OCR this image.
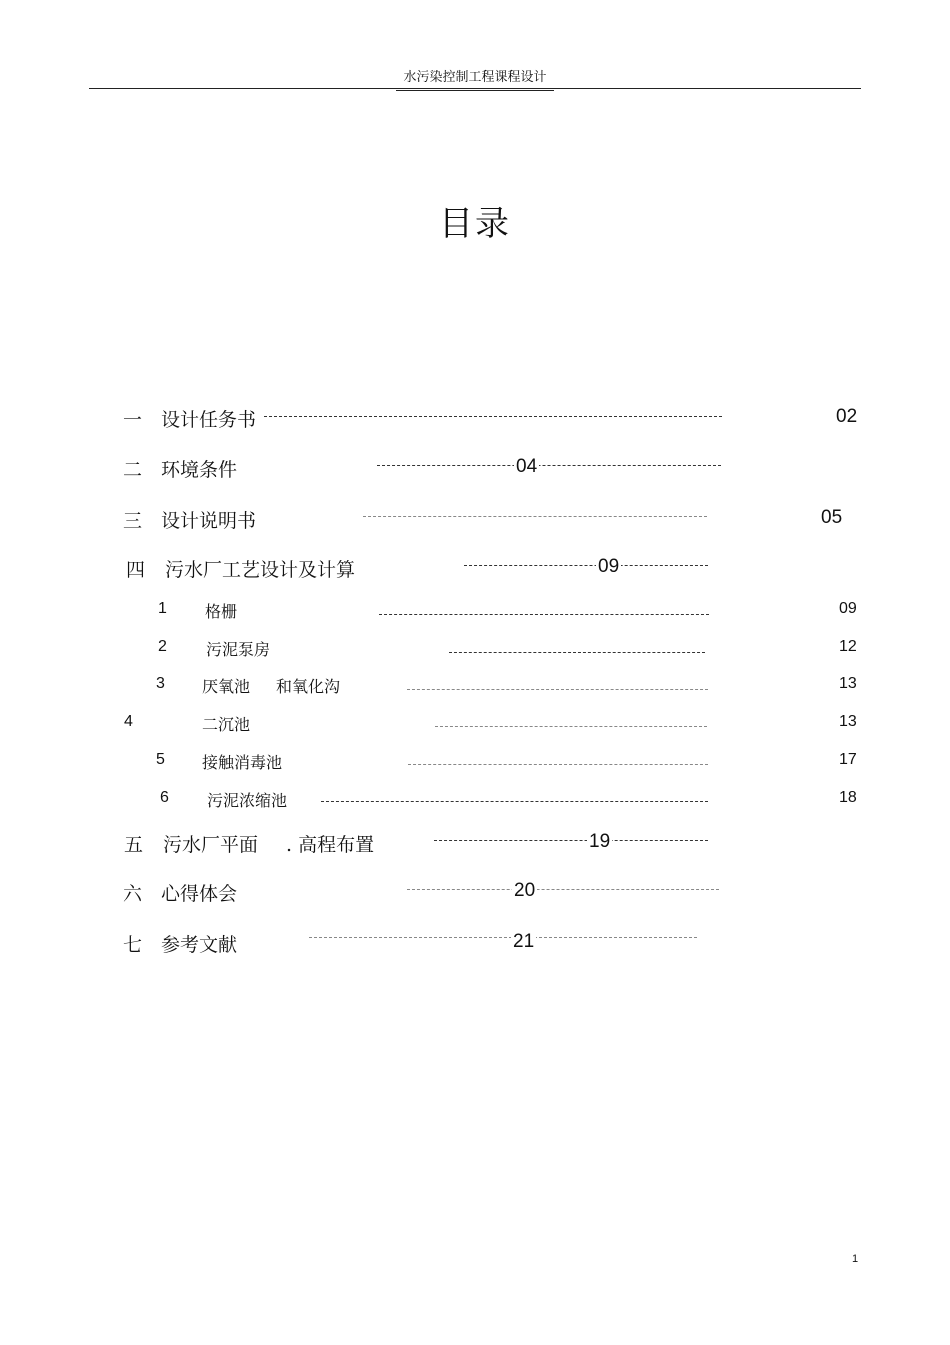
水污染控制工程课程设计
目录
一 设计任务书	02
二 环境条件	04
三 设计说明书	05
四 污水厂工艺设计及计算	09
1 格栅	09
2 污泥泵房	12
3 厌氧池 和氧化沟	13
4	二沉池	13
5 接触消毒池	17
6 污泥浓缩池	18
五 污水厂平面 . 高程布置	19
六 心得体会	20
七 参考文献	21
1
